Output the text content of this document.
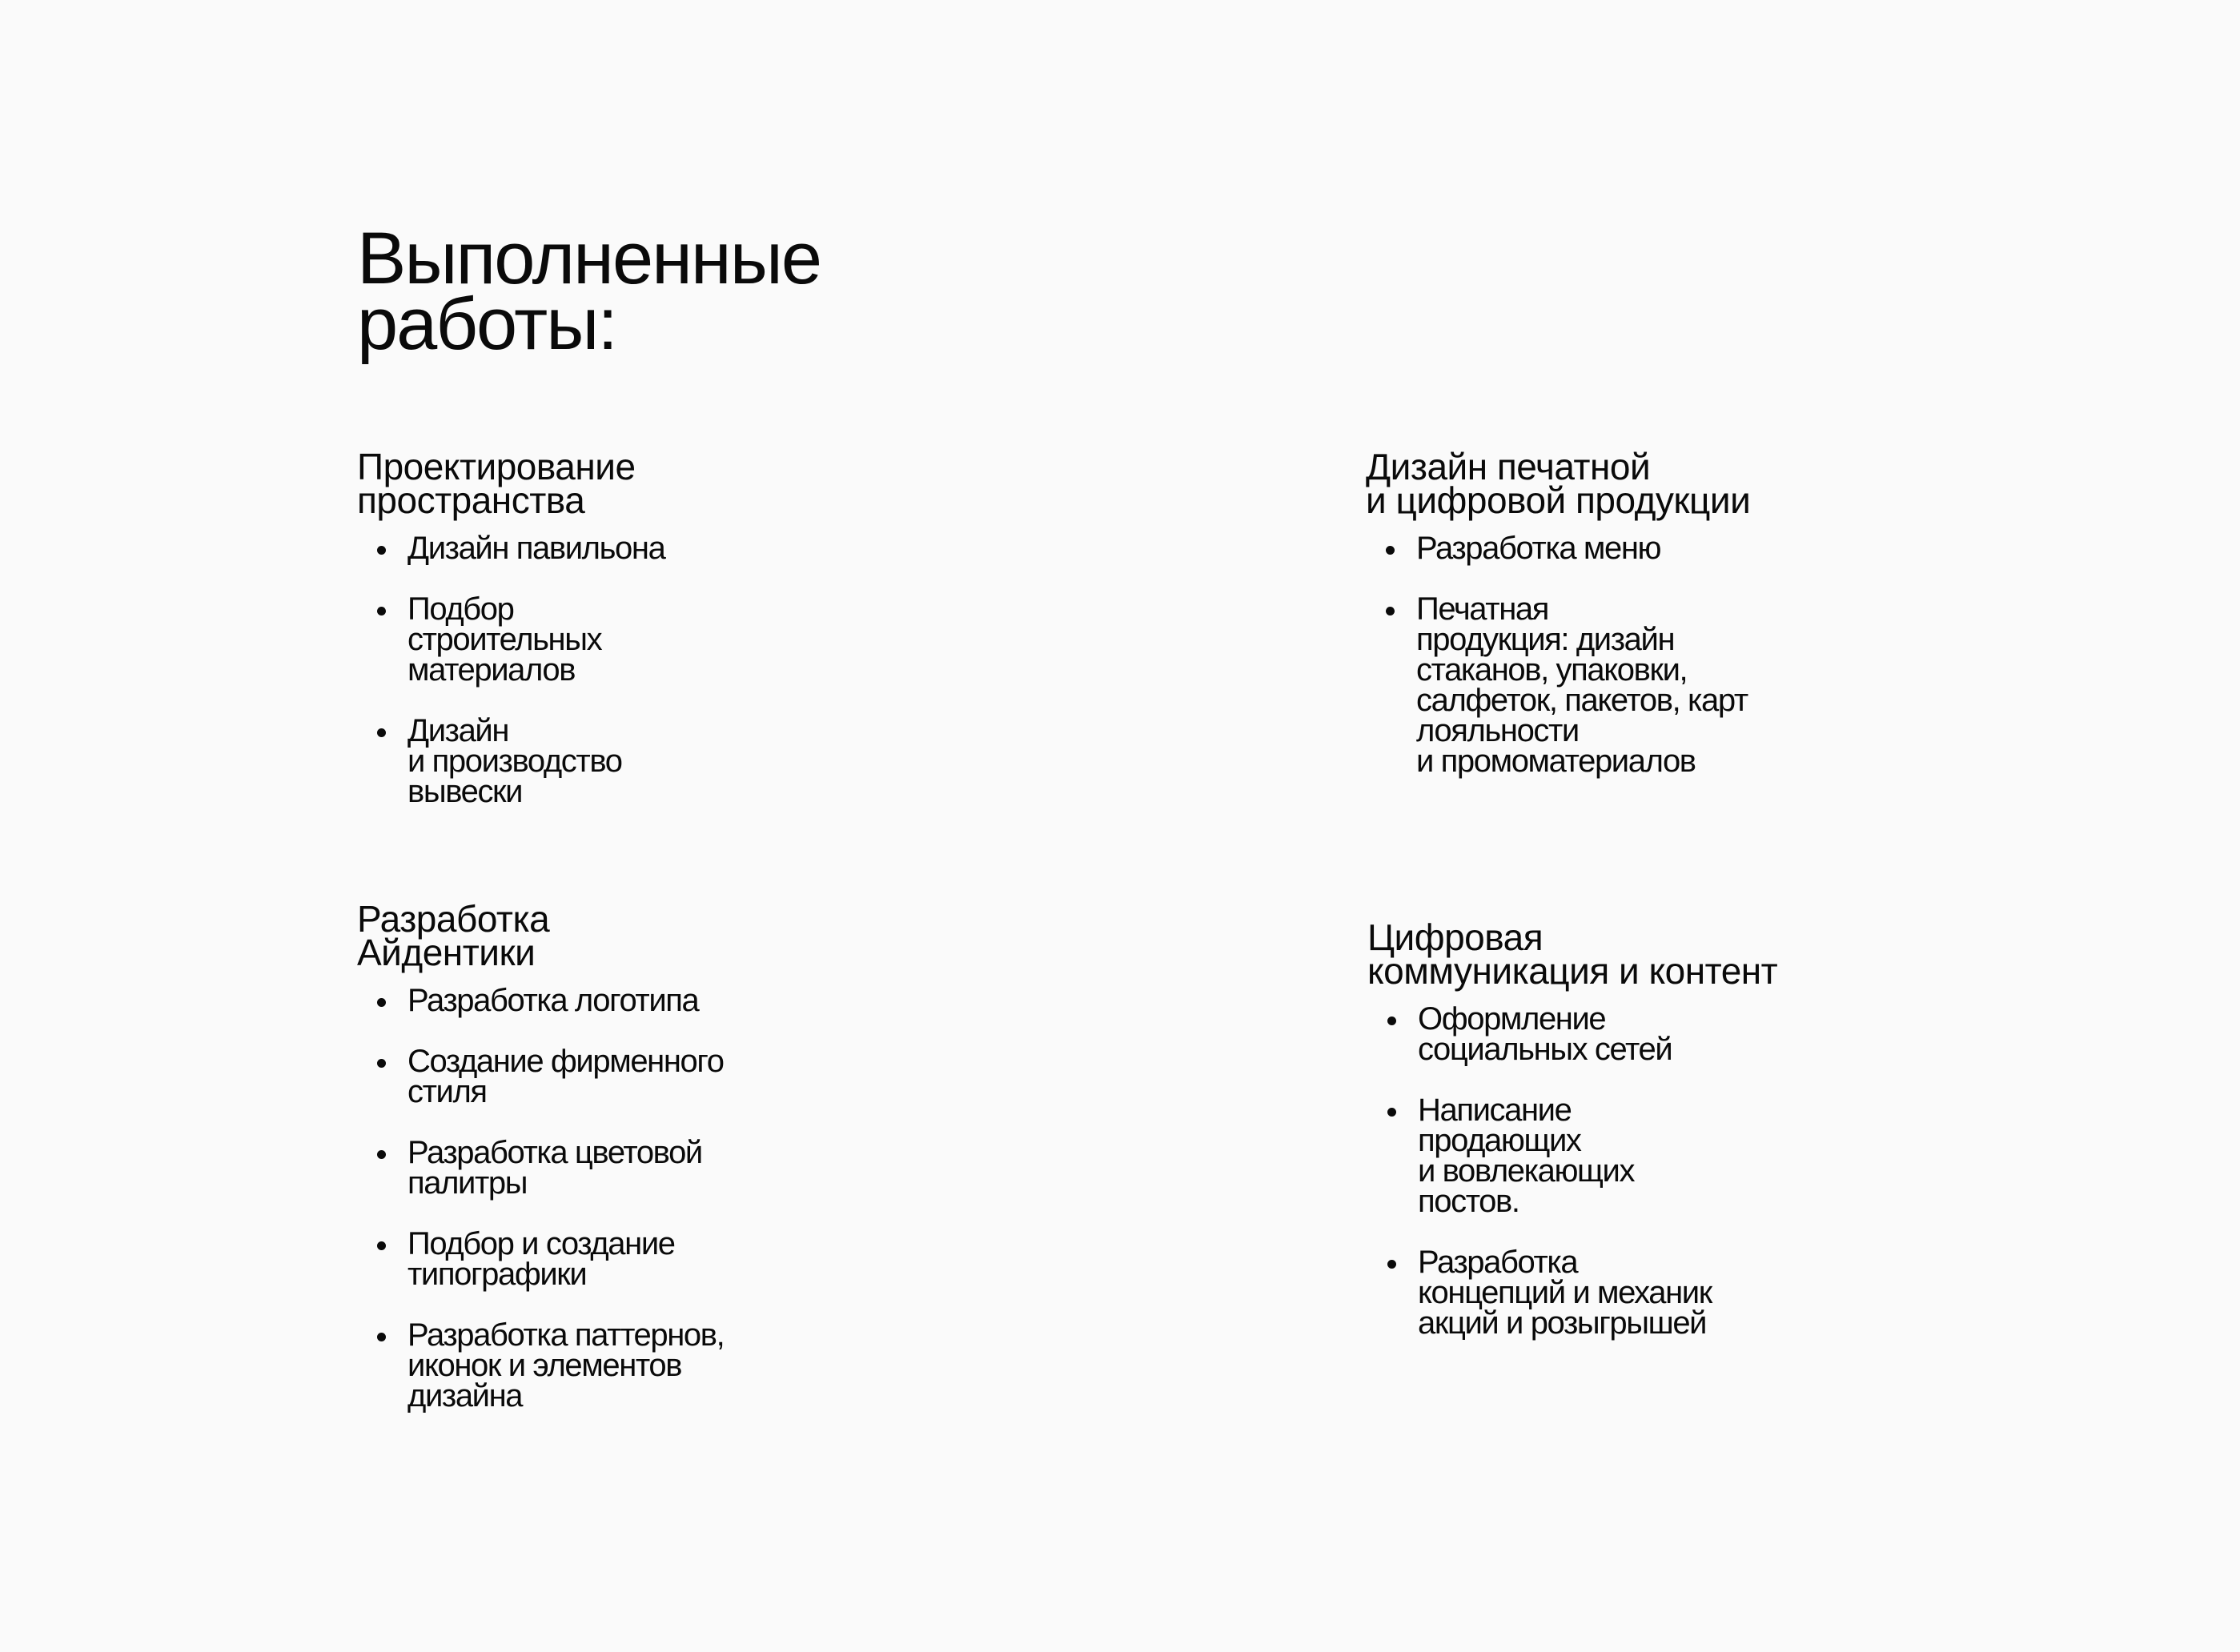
Выполненные
работы:
Проектирование
пространства
Дизайн павильона
Подбор
строительных
материалов
Дизайн
и производство
вывески
Дизайн печатной
и цифровой продукции
Разработка меню
Печатная
продукция: дизайн
стаканов, упаковки,
салфеток, пакетов, карт
лояльности
и промоматериалов
Разработка
Айдентики
Разработка логотипа
Создание фирменного
стиля
Разработка цветовой
палитры
Подбор и создание
типографики
Разработка паттернов,
иконок и элементов
дизайна
Цифровая
коммуникация и контент
Оформление
социальных сетей
Написание
продающих
и вовлекающих
постов.
Разработка
концепций и механик
акций и розыгрышей
